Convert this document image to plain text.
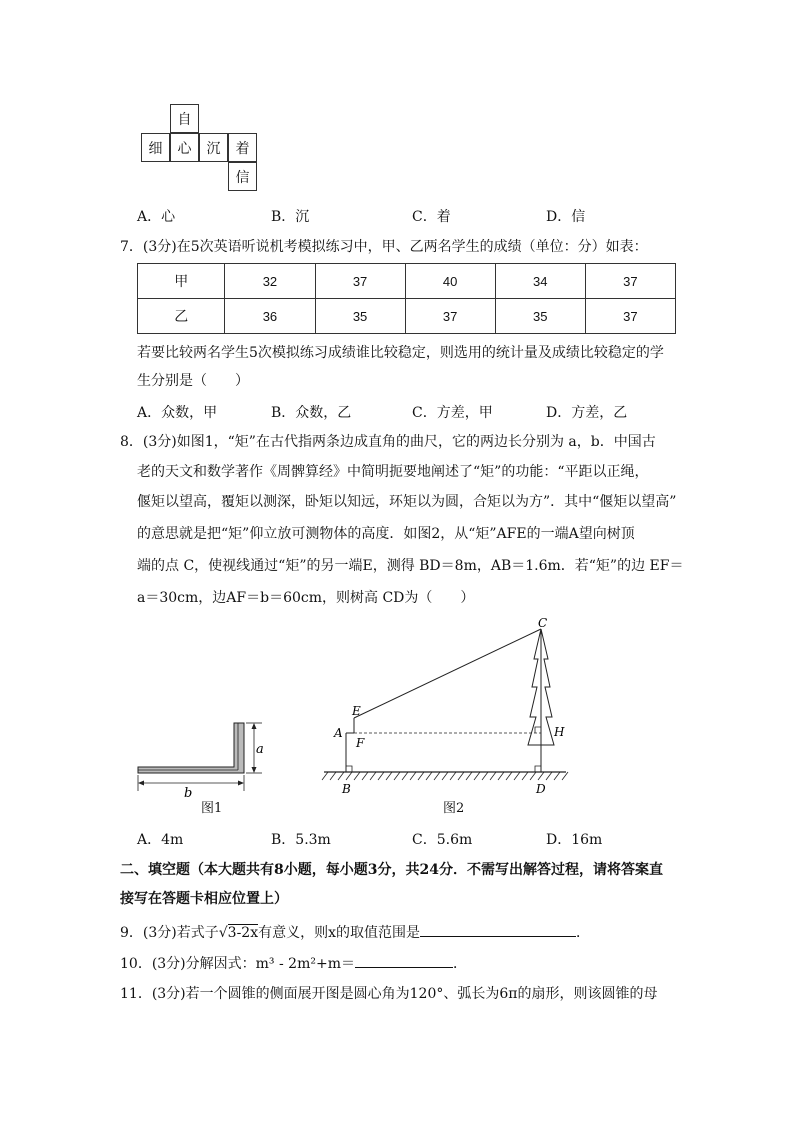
自
细	心	沉	着
信
A．心	B．沉	C．着	D．信
7．(3分)在5次英语听说机考模拟练习中，甲、乙两名学生的成绩（单位：分）如表：
甲	32	37	40	34	37
乙	36	35	37	35	37
若要比较两名学生5次模拟练习成绩谁比较稳定，则选用的统计量及成绩比较稳定的学
生分别是（　　）
A．众数，甲	B．众数，乙	C．方差，甲	D．方差，乙
8．(3分)如图1，“矩”在古代指两条边成直角的曲尺，它的两边长分别为 a，b．中国古
老的天文和数学著作《周髀算经》中简明扼要地阐述了“矩”的功能：“平距以正绳，
偃矩以望高，覆矩以测深，卧矩以知远，环矩以为圆，合矩以为方”．其中“偃矩以望高”
的意思就是把“矩”仰立放可测物体的高度．如图2，从“矩”AFE的一端A望向树顶
端的点 C，使视线通过“矩”的另一端E，测得 BD＝8m，AB＝1.6m．若“矩”的边 EF＝
a＝30cm，边AF＝b＝60cm，则树高 CD为（　　）
a
b
图1
C
E
A
F
H
B	D
图2
A．4m	B．5.3m	C．5.6m	D．16m
二、填空题（本大题共有8小题，每小题3分，共24分．不需写出解答过程，请将答案直
接写在答题卡相应位置上）
9．(3分)若式子√3-2x有意义，则x的取值范围是	．
10．(3分)分解因式：m³ - 2m²+m＝	．
11．(3分)若一个圆锥的侧面展开图是圆心角为120°、弧长为6π的扇形，则该圆锥的母
